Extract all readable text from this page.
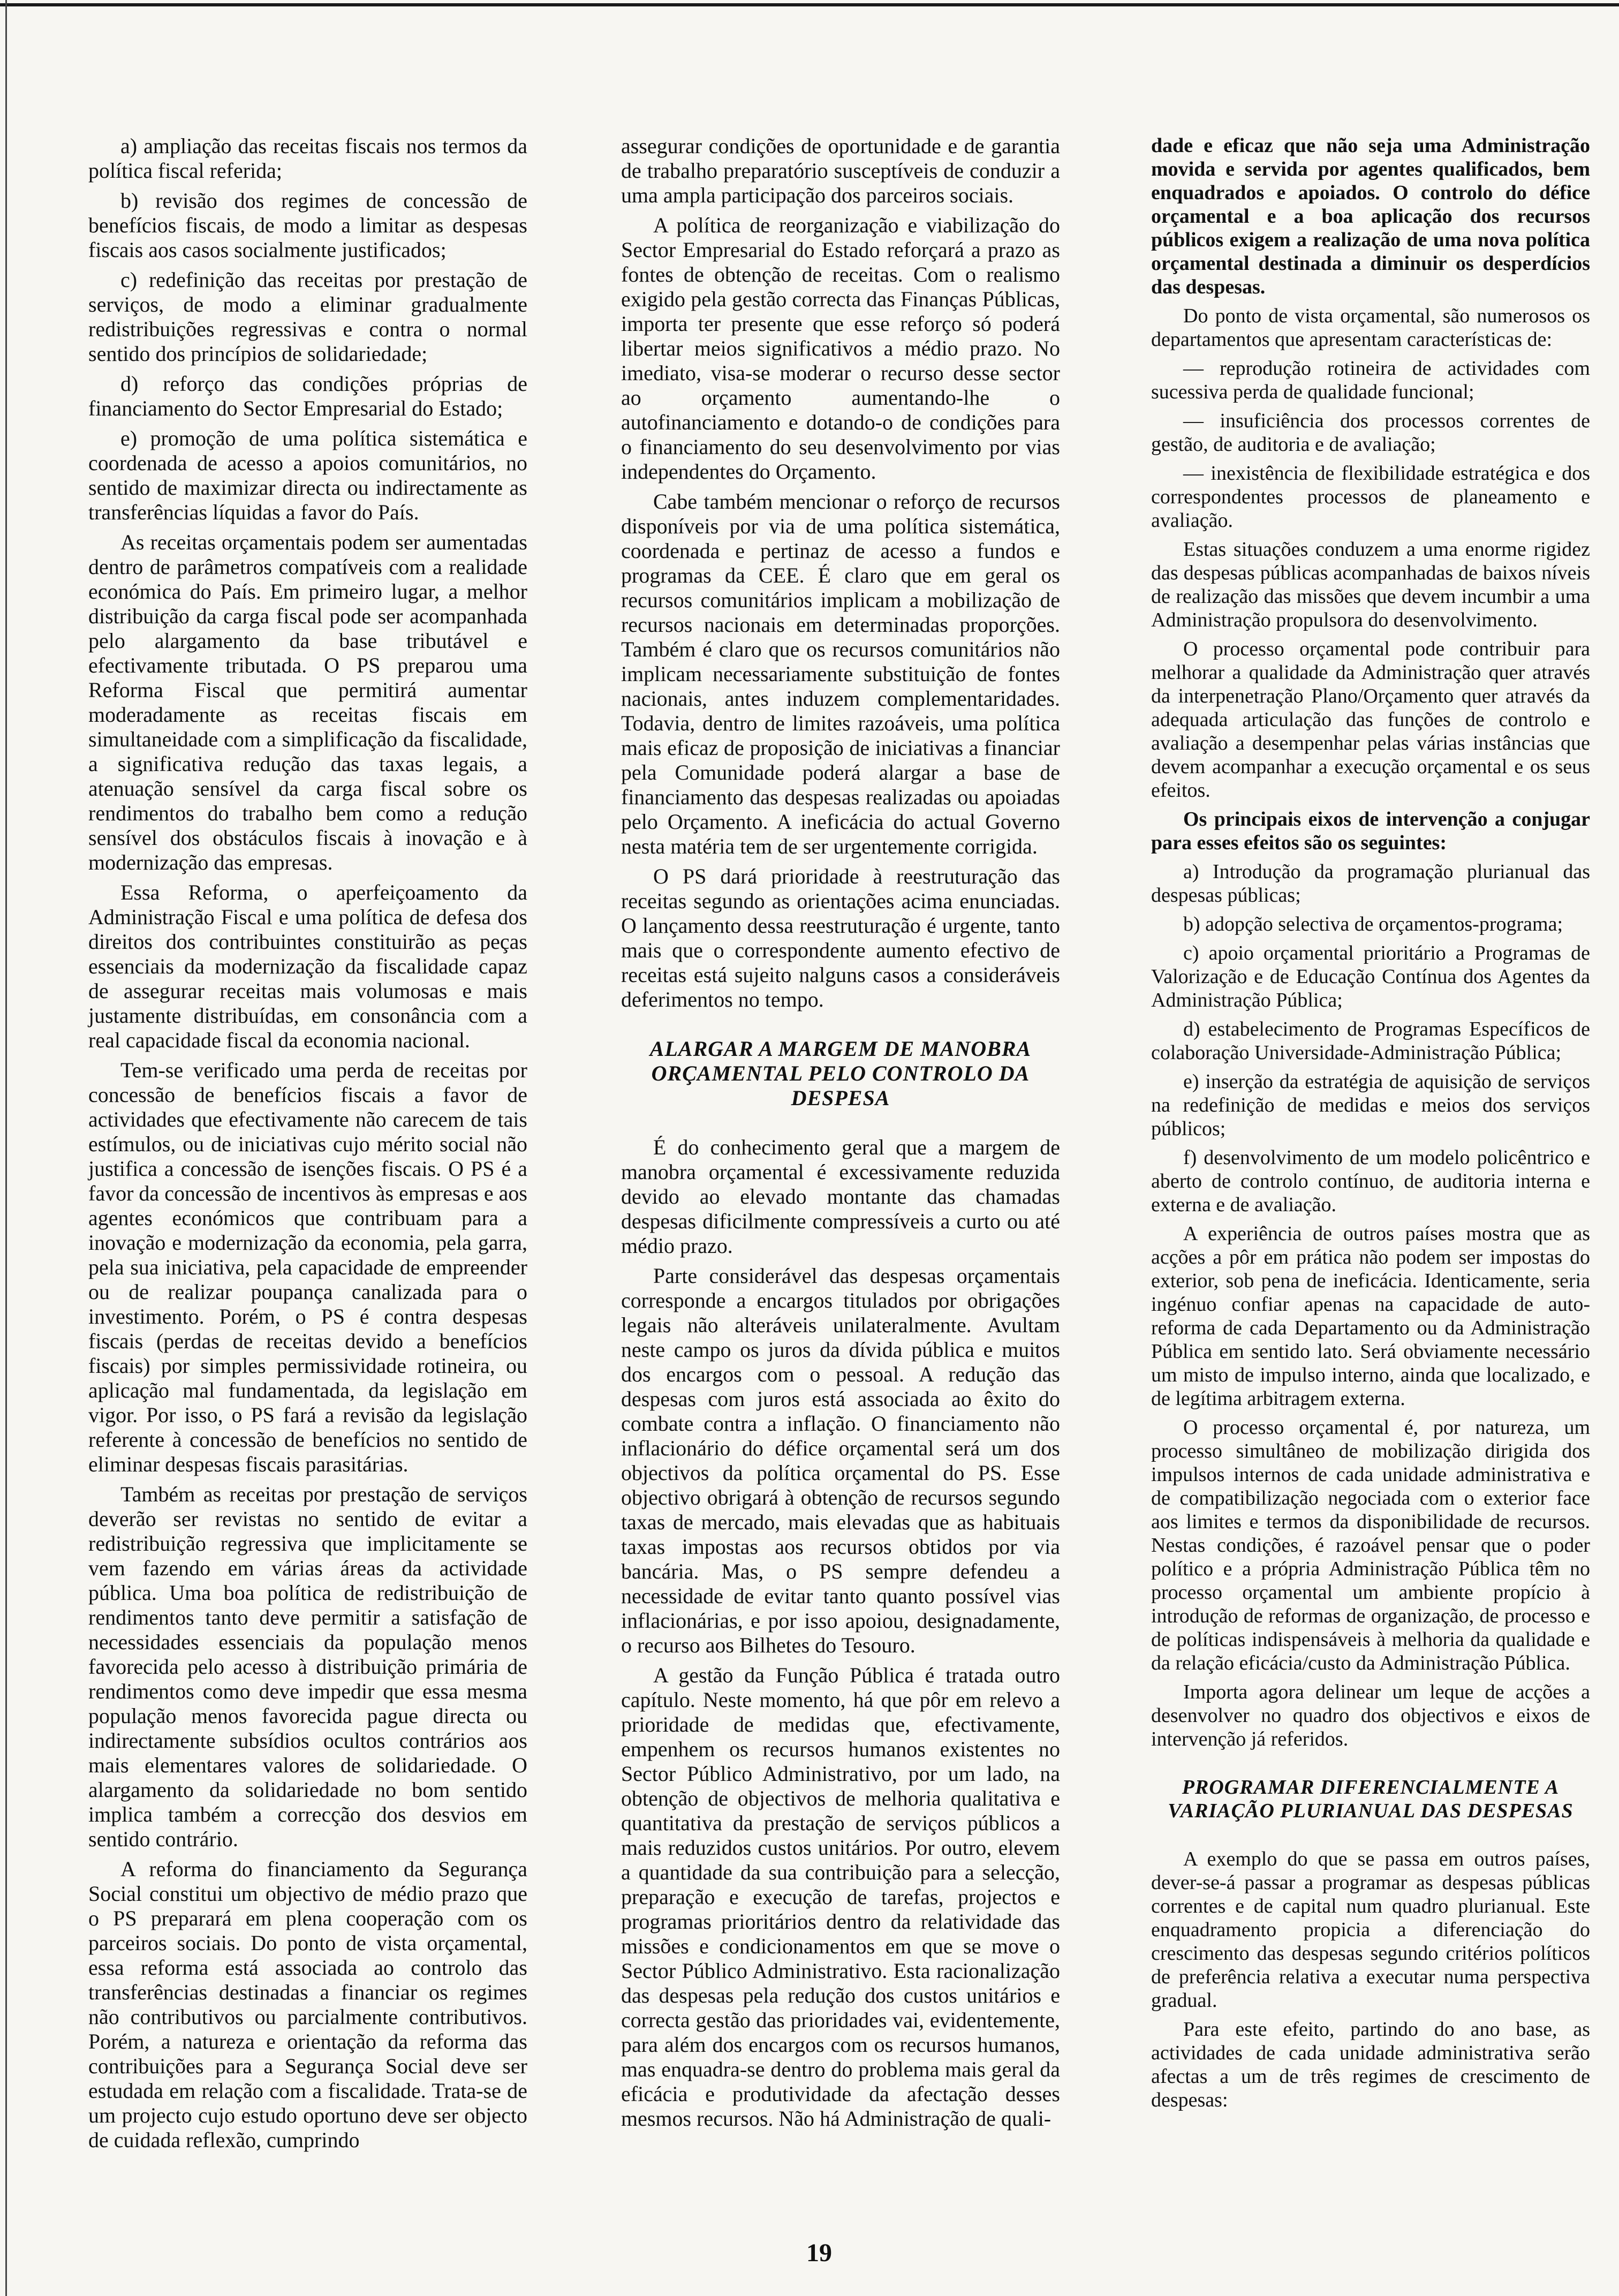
a) ampliação das receitas fiscais nos termos da política fiscal referida;

b) revisão dos regimes de concessão de benefícios fiscais, de modo a limitar as despesas fiscais aos casos socialmente justificados;

c) redefinição das receitas por prestação de serviços, de modo a eliminar gradualmente redistribuições regressivas e contra o normal sentido dos princípios de solidariedade;

d) reforço das condições próprias de financiamento do Sector Empresarial do Estado;

e) promoção de uma política sistemática e coordenada de acesso a apoios comunitários, no sentido de maximizar directa ou indirectamente as transferências líquidas a favor do País.

As receitas orçamentais podem ser aumentadas dentro de parâmetros compatíveis com a realidade económica do País. Em primeiro lugar, a melhor distribuição da carga fiscal pode ser acompanhada pelo alargamento da base tributável e efectivamente tributada. O PS preparou uma Reforma Fiscal que permitirá aumentar moderadamente as receitas fiscais em simultaneidade com a simplificação da fiscalidade, a significativa redução das taxas legais, a atenuação sensível da carga fiscal sobre os rendimentos do trabalho bem como a redução sensível dos obstáculos fiscais à inovação e à modernização das empresas.

Essa Reforma, o aperfeiçoamento da Administração Fiscal e uma política de defesa dos direitos dos contribuintes constituirão as peças essenciais da modernização da fiscalidade capaz de assegurar receitas mais volumosas e mais justamente distribuídas, em consonância com a real capacidade fiscal da economia nacional.

Tem-se verificado uma perda de receitas por concessão de benefícios fiscais a favor de actividades que efectivamente não carecem de tais estímulos, ou de iniciativas cujo mérito social não justifica a concessão de isenções fiscais. O PS é a favor da concessão de incentivos às empresas e aos agentes económicos que contribuam para a inovação e modernização da economia, pela garra, pela sua iniciativa, pela capacidade de empreender ou de realizar poupança canalizada para o investimento. Porém, o PS é contra despesas fiscais (perdas de receitas devido a benefícios fiscais) por simples permissividade rotineira, ou aplicação mal fundamentada, da legislação em vigor. Por isso, o PS fará a revisão da legislação referente à concessão de benefícios no sentido de eliminar despesas fiscais parasitárias.

Também as receitas por prestação de serviços deverão ser revistas no sentido de evitar a redistribuição regressiva que implicitamente se vem fazendo em várias áreas da actividade pública. Uma boa política de redistribuição de rendimentos tanto deve permitir a satisfação de necessidades essenciais da população menos favorecida pelo acesso à distribuição primária de rendimentos como deve impedir que essa mesma população menos favorecida pague directa ou indirectamente subsídios ocultos contrários aos mais elementares valores de solidariedade. O alargamento da solidariedade no bom sentido implica também a correcção dos desvios em sentido contrário.

A reforma do financiamento da Segurança Social constitui um objectivo de médio prazo que o PS preparará em plena cooperação com os parceiros sociais. Do ponto de vista orçamental, essa reforma está associada ao controlo das transferências destinadas a financiar os regimes não contributivos ou parcialmente contributivos. Porém, a natureza e orientação da reforma das contribuições para a Segurança Social deve ser estudada em relação com a fiscalidade. Trata-se de um projecto cujo estudo oportuno deve ser objecto de cuidada reflexão, cumprindo

assegurar condições de oportunidade e de garantia de trabalho preparatório susceptíveis de conduzir a uma ampla participação dos parceiros sociais.

A política de reorganização e viabilização do Sector Empresarial do Estado reforçará a prazo as fontes de obtenção de receitas. Com o realismo exigido pela gestão correcta das Finanças Públicas, importa ter presente que esse reforço só poderá libertar meios significativos a médio prazo. No imediato, visa-se moderar o recurso desse sector ao orçamento aumentando-lhe o autofinanciamento e dotando-o de condições para o financiamento do seu desenvolvimento por vias independentes do Orçamento.

Cabe também mencionar o reforço de recursos disponíveis por via de uma política sistemática, coordenada e pertinaz de acesso a fundos e programas da CEE. É claro que em geral os recursos comunitários implicam a mobilização de recursos nacionais em determinadas proporções. Também é claro que os recursos comunitários não implicam necessariamente substituição de fontes nacionais, antes induzem complementaridades. Todavia, dentro de limites razoáveis, uma política mais eficaz de proposição de iniciativas a financiar pela Comunidade poderá alargar a base de financiamento das despesas realizadas ou apoiadas pelo Orçamento. A ineficácia do actual Governo nesta matéria tem de ser urgentemente corrigida.

O PS dará prioridade à reestruturação das receitas segundo as orientações acima enunciadas. O lançamento dessa reestruturação é urgente, tanto mais que o correspondente aumento efectivo de receitas está sujeito nalguns casos a consideráveis deferimentos no tempo.

ALARGAR A MARGEM DE MANOBRA ORÇAMENTAL PELO CONTROLO DA DESPESA

É do conhecimento geral que a margem de manobra orçamental é excessivamente reduzida devido ao elevado montante das chamadas despesas dificilmente compressíveis a curto ou até médio prazo.

Parte considerável das despesas orçamentais corresponde a encargos titulados por obrigações legais não alteráveis unilateralmente. Avultam neste campo os juros da dívida pública e muitos dos encargos com o pessoal. A redução das despesas com juros está associada ao êxito do combate contra a inflação. O financiamento não inflacionário do défice orçamental será um dos objectivos da política orçamental do PS. Esse objectivo obrigará à obtenção de recursos segundo taxas de mercado, mais elevadas que as habituais taxas impostas aos recursos obtidos por via bancária. Mas, o PS sempre defendeu a necessidade de evitar tanto quanto possível vias inflacionárias, e por isso apoiou, designadamente, o recurso aos Bilhetes do Tesouro.

A gestão da Função Pública é tratada outro capítulo. Neste momento, há que pôr em relevo a prioridade de medidas que, efectivamente, empenhem os recursos humanos existentes no Sector Público Administrativo, por um lado, na obtenção de objectivos de melhoria qualitativa e quantitativa da prestação de serviços públicos a mais reduzidos custos unitários. Por outro, elevem a quantidade da sua contribuição para a selecção, preparação e execução de tarefas, projectos e programas prioritários dentro da relatividade das missões e condicionamentos em que se move o Sector Público Administrativo. Esta racionalização das despesas pela redução dos custos unitários e correcta gestão das prioridades vai, evidentemente, para além dos encargos com os recursos humanos, mas enquadra-se dentro do problema mais geral da eficácia e produtividade da afectação desses mesmos recursos. Não há Administração de quali-

dade e eficaz que não seja uma Administração movida e servida por agentes qualificados, bem enquadrados e apoiados. O controlo do défice orçamental e a boa aplicação dos recursos públicos exigem a realização de uma nova política orçamental destinada a diminuir os desperdícios das despesas.

Do ponto de vista orçamental, são numerosos os departamentos que apresentam características de:

— reprodução rotineira de actividades com sucessiva perda de qualidade funcional;

— insuficiência dos processos correntes de gestão, de auditoria e de avaliação;

— inexistência de flexibilidade estratégica e dos correspondentes processos de planeamento e avaliação.

Estas situações conduzem a uma enorme rigidez das despesas públicas acompanhadas de baixos níveis de realização das missões que devem incumbir a uma Administração propulsora do desenvolvimento.

O processo orçamental pode contribuir para melhorar a qualidade da Administração quer através da interpenetração Plano/Orçamento quer através da adequada articulação das funções de controlo e avaliação a desempenhar pelas várias instâncias que devem acompanhar a execução orçamental e os seus efeitos.

Os principais eixos de intervenção a conjugar para esses efeitos são os seguintes:

a) Introdução da programação plurianual das despesas públicas;

b) adopção selectiva de orçamentos-programa;

c) apoio orçamental prioritário a Programas de Valorização e de Educação Contínua dos Agentes da Administração Pública;

d) estabelecimento de Programas Específicos de colaboração Universidade-Administração Pública;

e) inserção da estratégia de aquisição de serviços na redefinição de medidas e meios dos serviços públicos;

f) desenvolvimento de um modelo policêntrico e aberto de controlo contínuo, de auditoria interna e externa e de avaliação.

A experiência de outros países mostra que as acções a pôr em prática não podem ser impostas do exterior, sob pena de ineficácia. Identicamente, seria ingénuo confiar apenas na capacidade de auto-reforma de cada Departamento ou da Administração Pública em sentido lato. Será obviamente necessário um misto de impulso interno, ainda que localizado, e de legítima arbitragem externa.

O processo orçamental é, por natureza, um processo simultâneo de mobilização dirigida dos impulsos internos de cada unidade administrativa e de compatibilização negociada com o exterior face aos limites e termos da disponibilidade de recursos. Nestas condições, é razoável pensar que o poder político e a própria Administração Pública têm no processo orçamental um ambiente propício à introdução de reformas de organização, de processo e de políticas indispensáveis à melhoria da qualidade e da relação eficácia/custo da Administração Pública.

Importa agora delinear um leque de acções a desenvolver no quadro dos objectivos e eixos de intervenção já referidos.

PROGRAMAR DIFERENCIALMENTE A VARIAÇÃO PLURIANUAL DAS DESPESAS

A exemplo do que se passa em outros países, dever-se-á passar a programar as despesas públicas correntes e de capital num quadro plurianual. Este enquadramento propicia a diferenciação do crescimento das despesas segundo critérios políticos de preferência relativa a executar numa perspectiva gradual.

Para este efeito, partindo do ano base, as actividades de cada unidade administrativa serão afectas a um de três regimes de crescimento de despesas:

19
